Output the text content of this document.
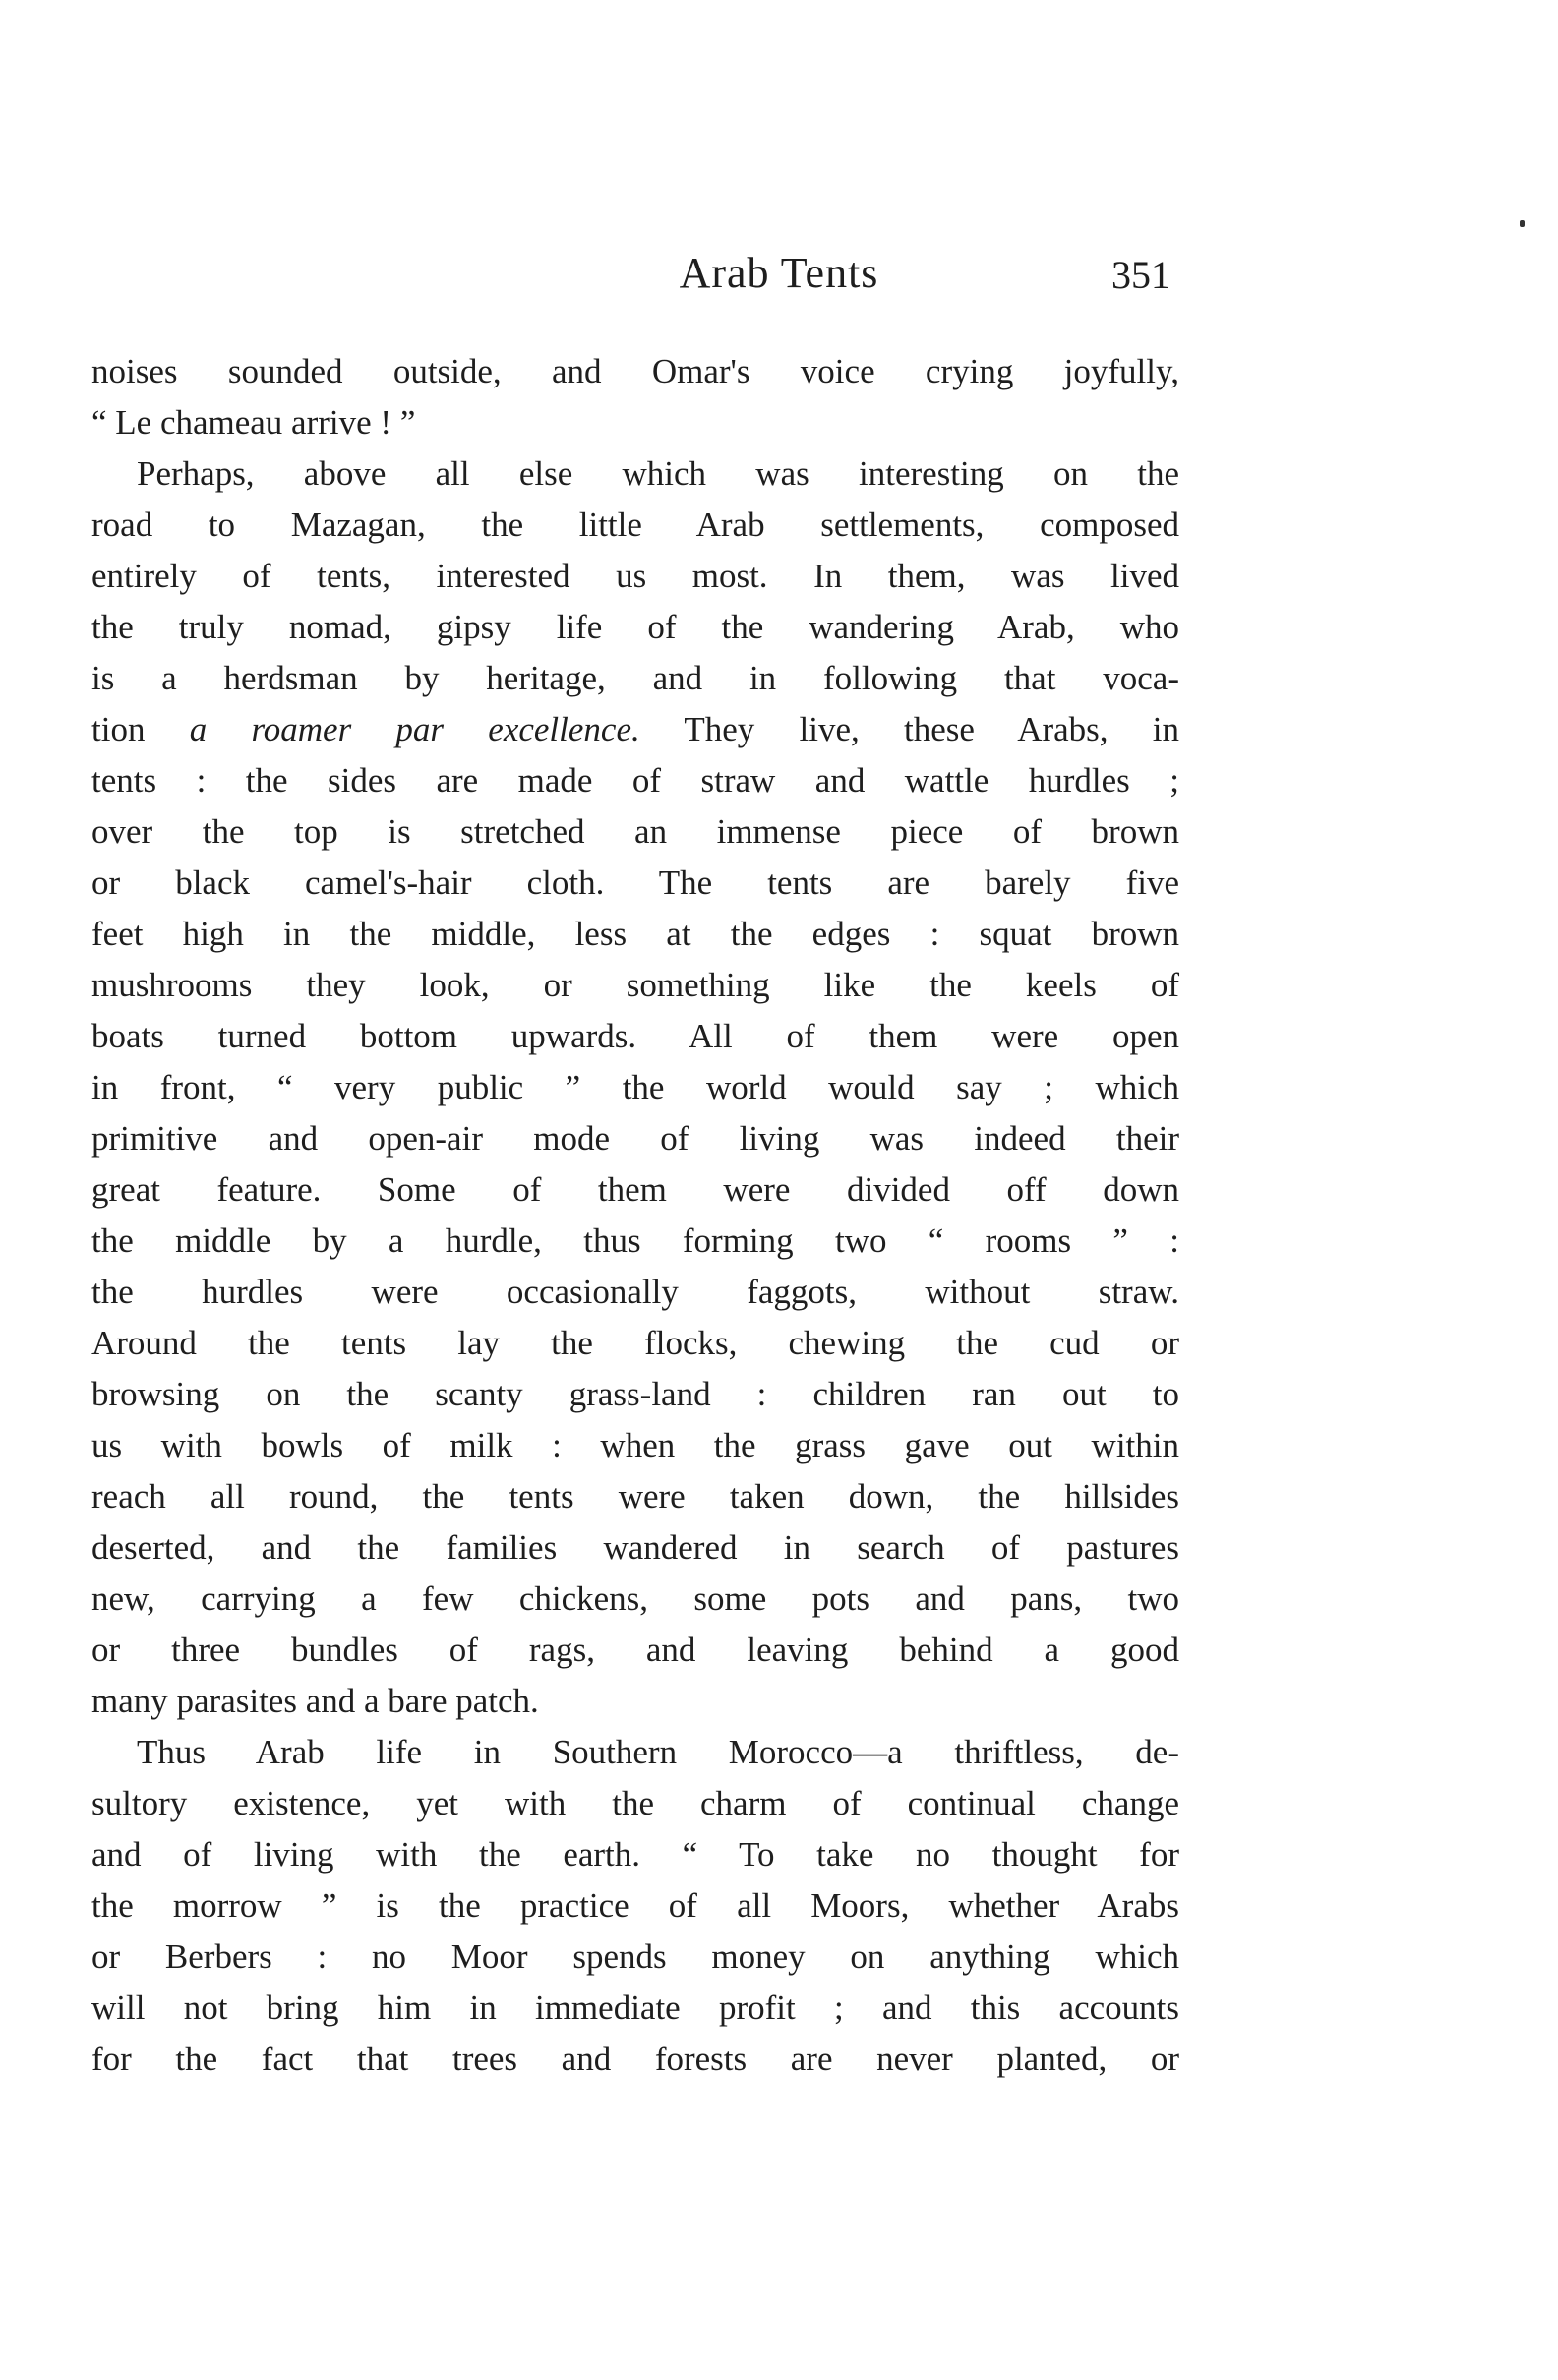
Arab Tents	351
noises sounded outside, and Omar's voice crying joyfully,
“ Le chameau arrive ! ”
Perhaps, above all else which was interesting on the
road to Mazagan, the little Arab settlements, composed
entirely of tents, interested us most. In them, was lived
the truly nomad, gipsy life of the wandering Arab, who
is a herdsman by heritage, and in following that voca-
tion a roamer par excellence. They live, these Arabs, in
tents : the sides are made of straw and wattle hurdles ;
over the top is stretched an immense piece of brown
or black camel's-hair cloth. The tents are barely five
feet high in the middle, less at the edges : squat brown
mushrooms they look, or something like the keels of
boats turned bottom upwards. All of them were open
in front, “ very public ” the world would say ; which
primitive and open-air mode of living was indeed their
great feature. Some of them were divided off down
the middle by a hurdle, thus forming two “ rooms ” :
the hurdles were occasionally faggots, without straw.
Around the tents lay the flocks, chewing the cud or
browsing on the scanty grass-land : children ran out to
us with bowls of milk : when the grass gave out within
reach all round, the tents were taken down, the hillsides
deserted, and the families wandered in search of pastures
new, carrying a few chickens, some pots and pans, two
or three bundles of rags, and leaving behind a good
many parasites and a bare patch.
Thus Arab life in Southern Morocco—a thriftless, de-
sultory existence, yet with the charm of continual change
and of living with the earth. “ To take no thought for
the morrow ” is the practice of all Moors, whether Arabs
or Berbers : no Moor spends money on anything which
will not bring him in immediate profit ; and this accounts
for the fact that trees and forests are never planted, or
